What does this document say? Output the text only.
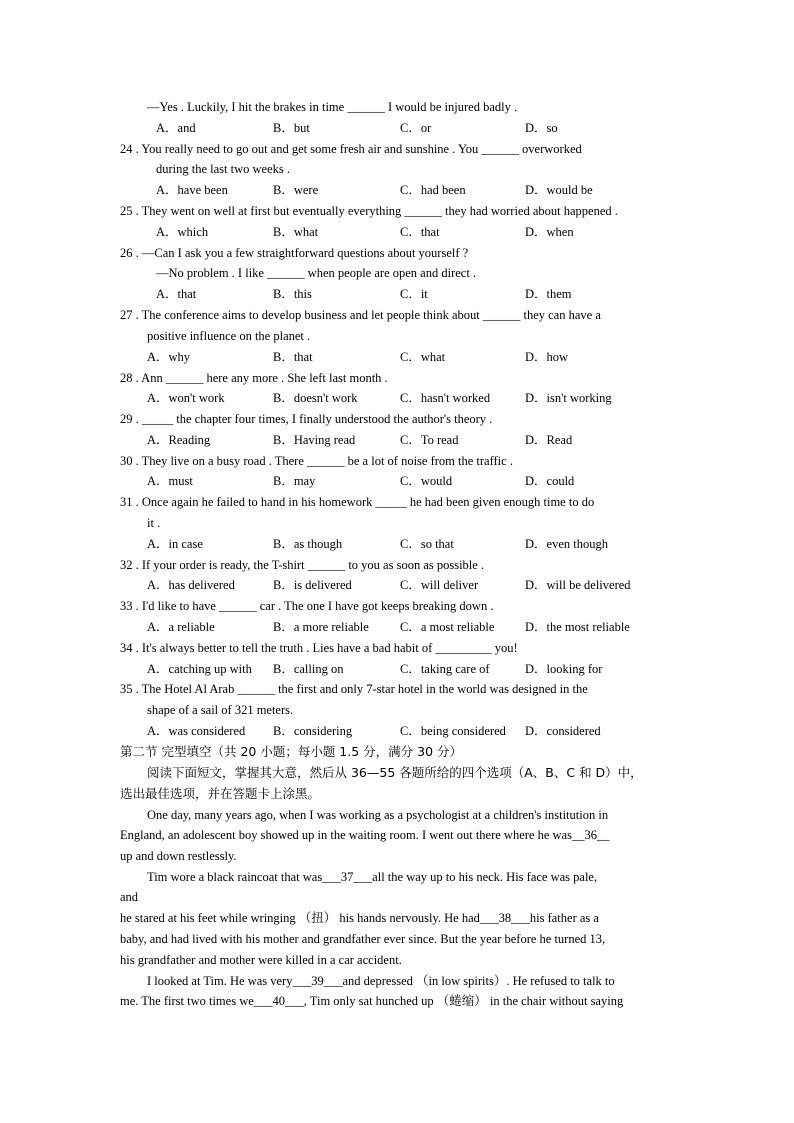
—Yes . Luckily, I hit the brakes in time ______ I would be injured badly .
A．and	B．but	C．or	D．so
24 . You really need to go out and get some fresh air and sunshine . You ______ overworked
during the last two weeks .
A．have been	B．were	C．had been	D．would be
25 . They went on well at first but eventually everything ______ they had worried about happened .
A．which	B．what	C．that	D．when
26 . —Can I ask you a few straightforward questions about yourself ?
—No problem . I like ______ when people are open and direct .
A．that	B．this	C．it	D．them
27 . The conference aims to develop business and let people think about ______ they can have a
positive influence on the planet .
A．why	B．that	C．what	D．how
28 . Ann ______ here any more . She left last month .
A．won't work	B．doesn't work	C．hasn't worked	D．isn't working
29 . _____ the chapter four times, I finally understood the author's theory .
A．Reading	B．Having read	C．To read	D．Read
30 . They live on a busy road . There ______ be a lot of noise from the traffic .
A．must	B．may	C．would	D．could
31 . Once again he failed to hand in his homework _____ he had been given enough time to do
it .
A．in case	B．as though	C．so that	D．even though
32 . If your order is ready, the T-shirt ______ to you as soon as possible .
A．has delivered	B．is delivered	C．will deliver	D．will be delivered
33 . I'd like to have ______ car . The one I have got keeps breaking down .
A．a reliable	B．a more reliable C．a most reliable D．the most reliable
34 . It's always better to tell the truth . Lies have a bad habit of _________ you!
A．catching up with B．calling on	C．taking care of	D．looking for
35 . The Hotel Al Arab ______ the first and only 7-star hotel in the world was designed in the
shape of a sail of 321 meters.
A．was considered B．considering	C．being considered D．considered
第二节 完型填空（共 20 小题；每小题 1.5 分，满分 30 分）
阅读下面短文，掌握其大意，然后从 36—55 各题所给的四个选项（A、B、C 和 D）中，
选出最佳选项，并在答题卡上涂黑。
One day, many years ago, when I was working as a psychologist at a children's institution in
England, an adolescent boy showed up in the waiting room. I went out there where he was__36__
up and down restlessly.
Tim wore a black raincoat that was___37___all the way up to his neck. His face was pale,
and
he stared at his feet while wringing （扭） his hands nervously. He had___38___his father as a
baby, and had lived with his mother and grandfather ever since. But the year before he turned 13,
his grandfather and mother were killed in a car accident.
I looked at Tim. He was very___39___and depressed （in low spirits）. He refused to talk to
me. The first two times we___40___, Tim only sat hunched up （蜷缩） in the chair without saying
